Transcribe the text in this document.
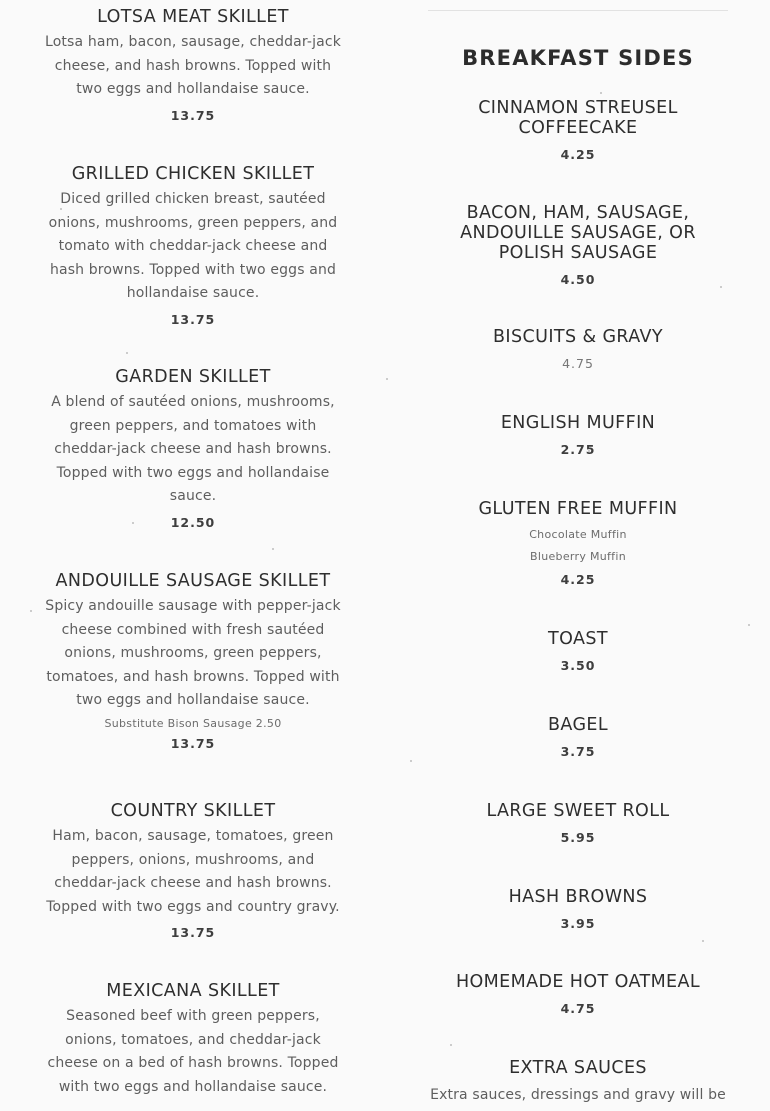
LOTSA MEAT SKILLET

Lotsa ham, bacon, sausage, cheddar-jack cheese, and hash browns. Topped with two eggs and hollandaise sauce.

13.75
GRILLED CHICKEN SKILLET

Diced grilled chicken breast, sautéed onions, mushrooms, green peppers, and tomato with cheddar-jack cheese and hash browns. Topped with two eggs and hollandaise sauce.

13.75
GARDEN SKILLET

A blend of sautéed onions, mushrooms, green peppers, and tomatoes with cheddar-jack cheese and hash browns. Topped with two eggs and hollandaise sauce.

12.50
ANDOUILLE SAUSAGE SKILLET

Spicy andouille sausage with pepper-jack cheese combined with fresh sautéed onions, mushrooms, green peppers, tomatoes, and hash browns. Topped with two eggs and hollandaise sauce.

Substitute Bison Sausage 2.50
13.75
COUNTRY SKILLET

Ham, bacon, sausage, tomatoes, green peppers, onions, mushrooms, and cheddar-jack cheese and hash browns. Topped with two eggs and country gravy.

13.75
MEXICANA SKILLET

Seasoned beef with green peppers, onions, tomatoes, and cheddar-jack cheese on a bed of hash browns. Topped with two eggs and hollandaise sauce.

BREAKFAST SIDES
CINNAMON STREUSEL COFFEECAKE
4.25
BACON, HAM, SAUSAGE, ANDOUILLE SAUSAGE, OR POLISH SAUSAGE
4.50
BISCUITS & GRAVY
4.75
ENGLISH MUFFIN
2.75
GLUTEN FREE MUFFIN
Chocolate Muffin
Blueberry Muffin
4.25
TOAST
3.50
BAGEL
3.75
LARGE SWEET ROLL
5.95
HASH BROWNS
3.95
HOMEMADE HOT OATMEAL
4.75
EXTRA SAUCES

Extra sauces, dressings and gravy will be
